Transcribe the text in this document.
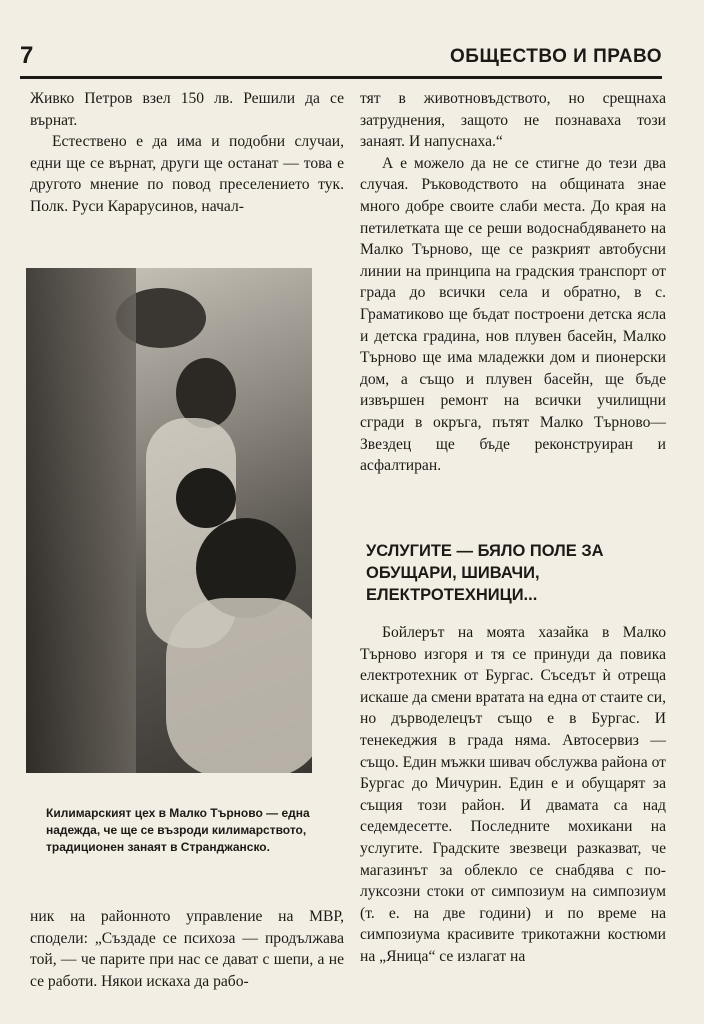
7	ОБЩЕСТВО И ПРАВО

Живко Петров взел 150 лв. Решили да се върнат.

Естествено е да има и подобни случаи, едни ще се върнат, други ще останат — това е другото мнение по повод преселението тук. Полк. Руси Карарусинов, начал-

Килимарският цех в Малко Търново — една надежда, че ще се възроди килимарството, традиционен занаят в Странджанско.

ник на районното управление на МВР, сподели: „Създаде се психоза — продължава той, — че парите при нас се дават с шепи, а не се работи. Някои искаха да рабо-

тят в животновъдството, но срещнаха затруднения, защото не познаваха този занаят. И напуснаха.“

А е можело да не се стигне до тези два случая. Ръководството на общината знае много добре своите слаби места. До края на петилетката ще се реши водоснабдяването на Малко Търново, ще се разкрият автобусни линии на принципа на градския транспорт от града до всички села и обратно, в с. Граматиково ще бъдат построени детска ясла и детска градина, нов плувен басейн, Малко Търново ще има младежки дом и пионерски дом, а също и плувен басейн, ще бъде извършен ремонт на всички училищни сгради в окръга, пътят Малко Търново—Звездец ще бъде реконструиран и асфалтиран.

УСЛУГИТЕ — БЯЛО ПОЛЕ ЗА ОБУЩАРИ, ШИВАЧИ, ЕЛЕКТРОТЕХНИЦИ...

Бойлерът на моята хазайка в Малко Търново изгоря и тя се принуди да повика електротехник от Бургас. Съседът ѝ отреща искаше да смени вратата на една от стаите си, но дърводелецът също е в Бургас. И тенекеджия в града няма. Автосервиз — също. Един мъжки шивач обслужва района от Бургас до Мичурин. Един е и обущарят за същия този район. И двамата са над седемдесетте. Последните мохикани на услугите. Градските звезвеци разказват, че магазинът за облекло се снабдява с по-луксозни стоки от симпозиум на симпозиум (т. е. на две години) и по време на симпозиума красивите трикотажни костюми на „Яница“ се излагат на
